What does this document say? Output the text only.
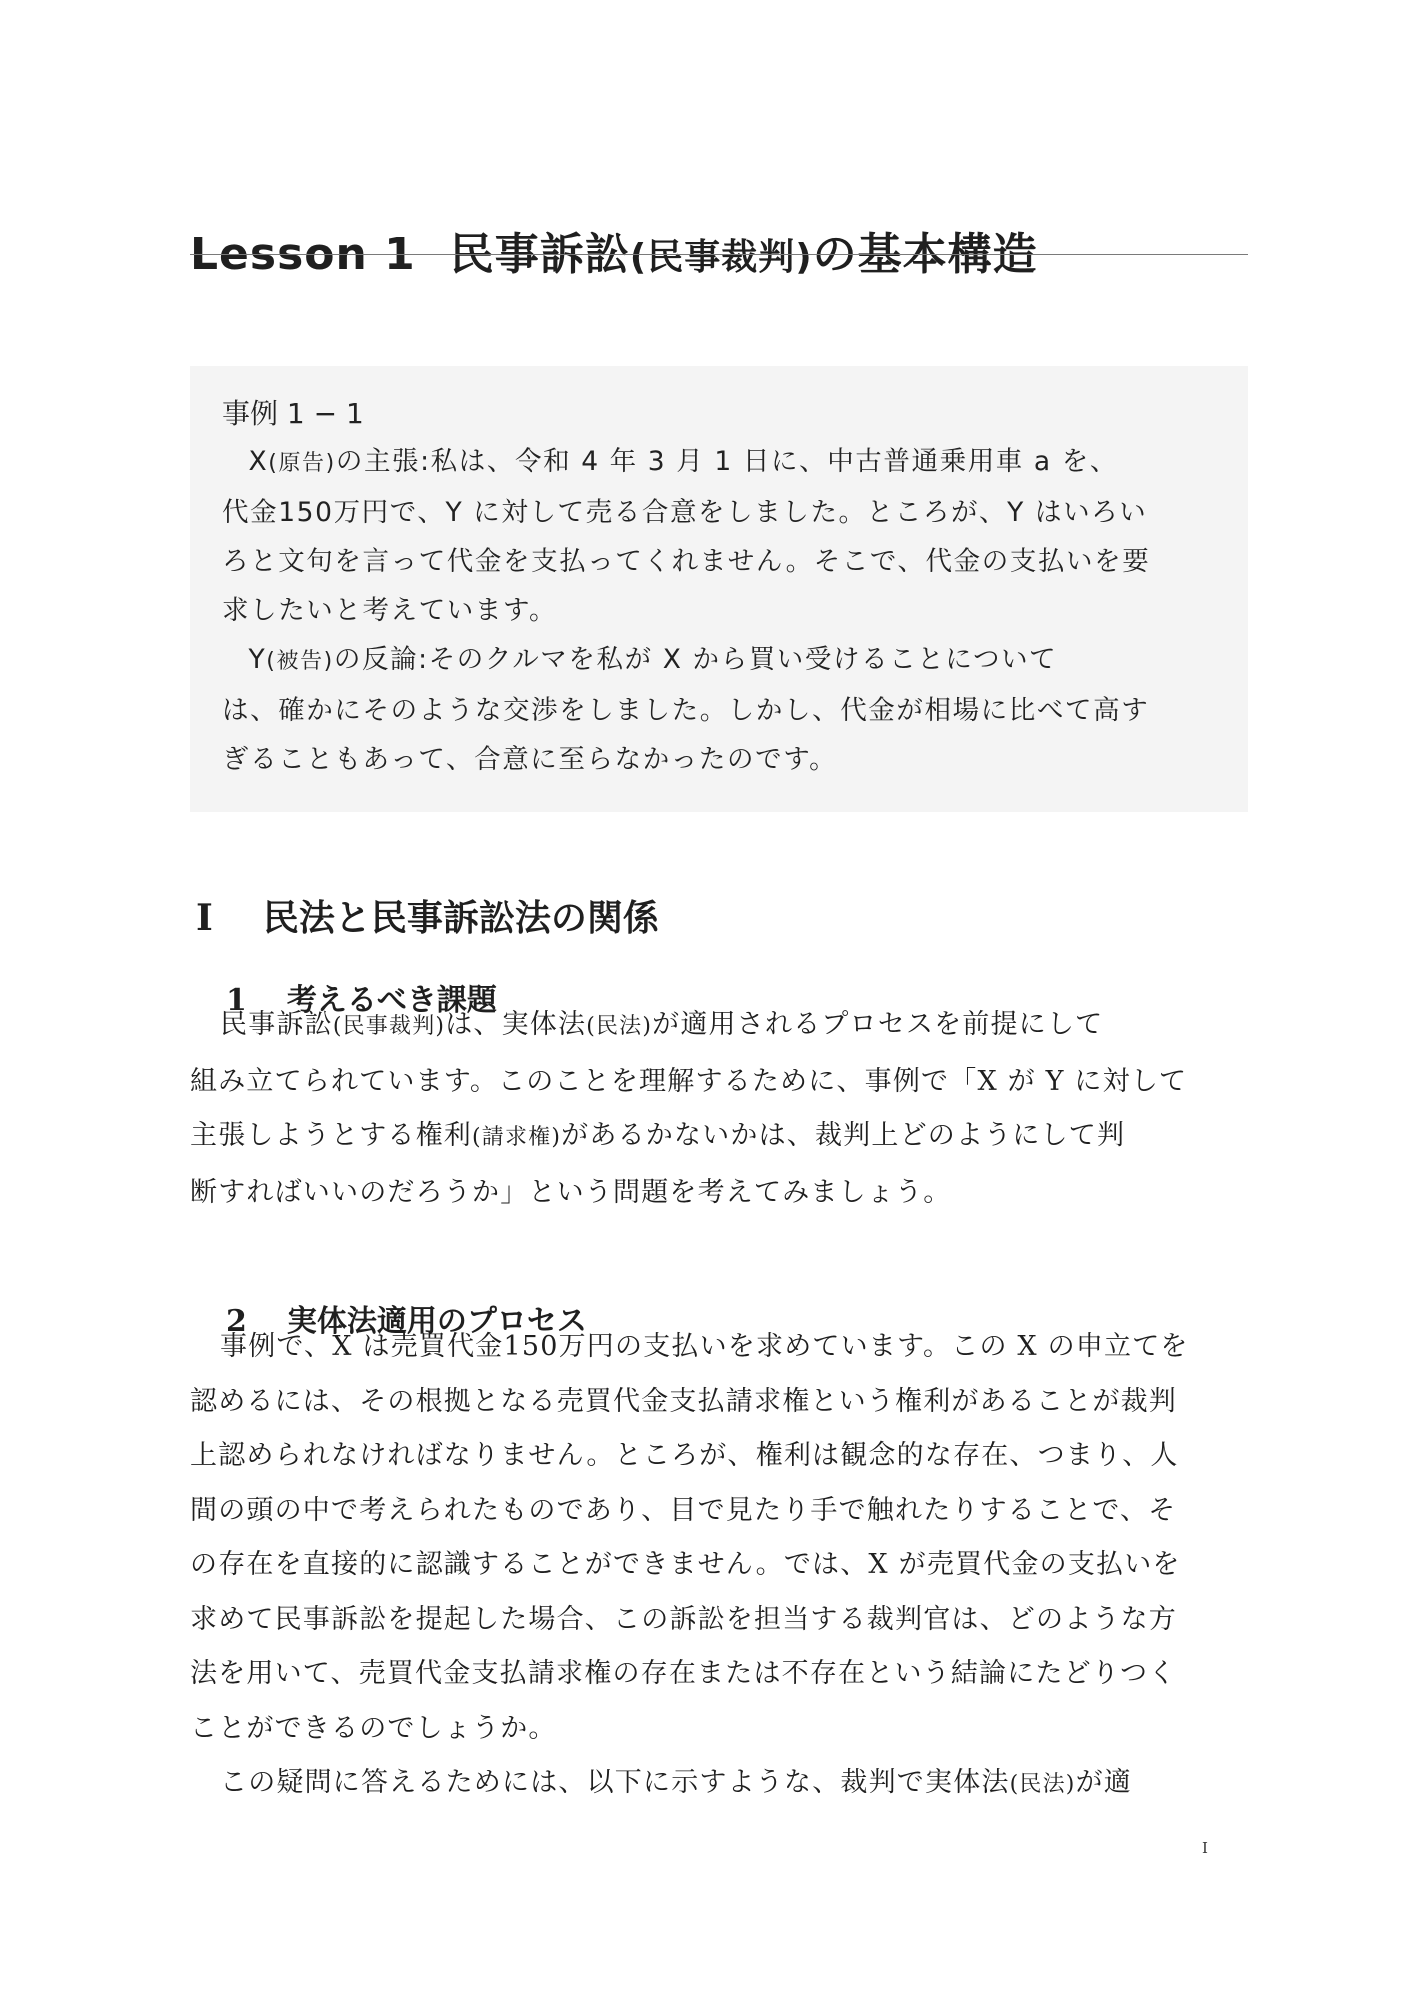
Lesson 1 民事訴訟(民事裁判)の基本構造
事例 1 − 1

X(原告)の主張:私は、令和 4 年 3 月 1 日に、中古普通乗用車 a を、
代金150万円で、Y に対して売る合意をしました。ところが、Y はいろい
ろと文句を言って代金を支払ってくれません。そこで、代金の支払いを要
求したいと考えています。

Y(被告)の反論:そのクルマを私が X から買い受けることについて
は、確かにそのような交渉をしました。しかし、代金が相場に比べて高す
ぎることもあって、合意に至らなかったのです。

Ⅰ 民法と民事訴訟法の関係
1 考えるべき課題
民事訴訟(民事裁判)は、実体法(民法)が適用されるプロセスを前提にして
組み立てられています。このことを理解するために、事例で「X が Y に対して
主張しようとする権利(請求権)があるかないかは、裁判上どのようにして判
断すればいいのだろうか」という問題を考えてみましょう。
2 実体法適用のプロセス
事例で、X は売買代金150万円の支払いを求めています。この X の申立てを
認めるには、その根拠となる売買代金支払請求権という権利があることが裁判
上認められなければなりません。ところが、権利は観念的な存在、つまり、人
間の頭の中で考えられたものであり、目で見たり手で触れたりすることで、そ
の存在を直接的に認識することができません。では、X が売買代金の支払いを
求めて民事訴訟を提起した場合、この訴訟を担当する裁判官は、どのような方
法を用いて、売買代金支払請求権の存在または不存在という結論にたどりつく
ことができるのでしょうか。
この疑問に答えるためには、以下に示すような、裁判で実体法(民法)が適
I
